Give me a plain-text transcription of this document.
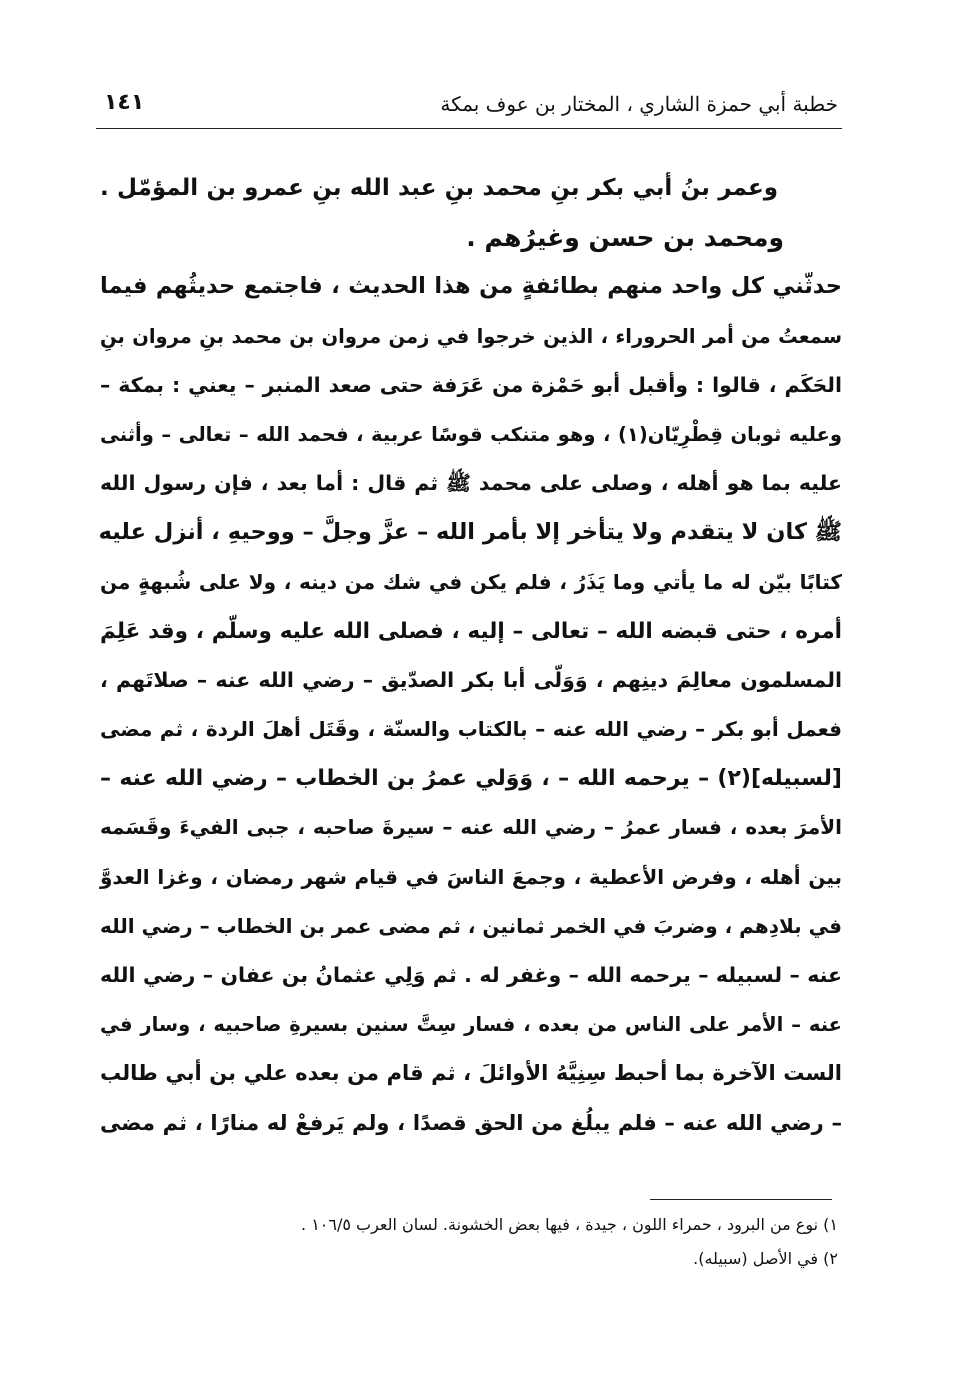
١٤١	خطبة أبي حمزة الشاري ، المختار بن عوف بمكة
وعمر بنُ أبي بكر بنِ محمد بنِ عبد الله بنِ عمرو بن المؤمّل .
ومحمد بن حسن وغيرُهم .
حدثّني كل واحد منهم بطائفةٍ من هذا الحديث ، فاجتمع حديثُهم فيما
سمعتُ من أمر الحروراء ، الذين خرجوا في زمن مروان بن محمد بنِ مروان بنِ
الحَكَم ، قالوا : وأقبل أبو حَمْزة من عَرَفة حتى صعد المنبر – يعني : بمكة –
وعليه ثوبان قِطْرِيّان(١) ، وهو متنكب قوسًا عربية ، فحمد الله – تعالى – وأثنى
عليه بما هو أهله ، وصلى على محمد ﷺ ثم قال : أما بعد ، فإن رسول الله
ﷺ كان لا يتقدم ولا يتأخر إلا بأمر الله – عزَّ وجلَّ – ووحيهِ ، أنزل عليه
كتابًا بيّن له ما يأتي وما يَذَرُ ، فلم يكن في شك من دينه ، ولا على شُبهةٍ من
أمره ، حتى قبضه الله – تعالى – إليه ، فصلى الله عليه وسلّم ، وقد عَلِمَ
المسلمون معالِمَ دينِهم ، وَوَلّى أبا بكر الصدّيق – رضي الله عنه – صلاتَهم ،
فعمل أبو بكر – رضي الله عنه – بالكتاب والسنّة ، وقَتَل أهلَ الردة ، ثم مضى
[لسبيله](٢) – يرحمه الله – ، وَوَلي عمرُ بن الخطاب – رضي الله عنه –
الأمرَ بعده ، فسار عمرُ – رضي الله عنه – سيرةَ صاحبه ، جبى الفيءَ وقَسَمه
بين أهله ، وفرض الأعطية ، وجمعَ الناسَ في قيام شهر رمضان ، وغزا العدوَّ
في بلادِهم ، وضربَ في الخمر ثمانين ، ثم مضى عمر بن الخطاب – رضي الله
عنه – لسبيله – يرحمه الله – وغفر له . ثم وَلِي عثمانُ بن عفان – رضي الله
عنه – الأمر على الناس من بعده ، فسار سِتَّ سنين بسيرةِ صاحبيه ، وسار في
الست الآخرة بما أحبط سِنِيَّهُ الأوائلَ ، ثم قام من بعده علي بن أبي طالب
– رضي الله عنه – فلم يبلُغ من الحق قصدًا ، ولم يَرفعْ له منارًا ، ثم مضى
١) نوع من البرود ، حمراء اللون ، جيدة ، فيها بعض الخشونة. لسان العرب ١٠٦/٥ .
٢) في الأصل (سبيله).
